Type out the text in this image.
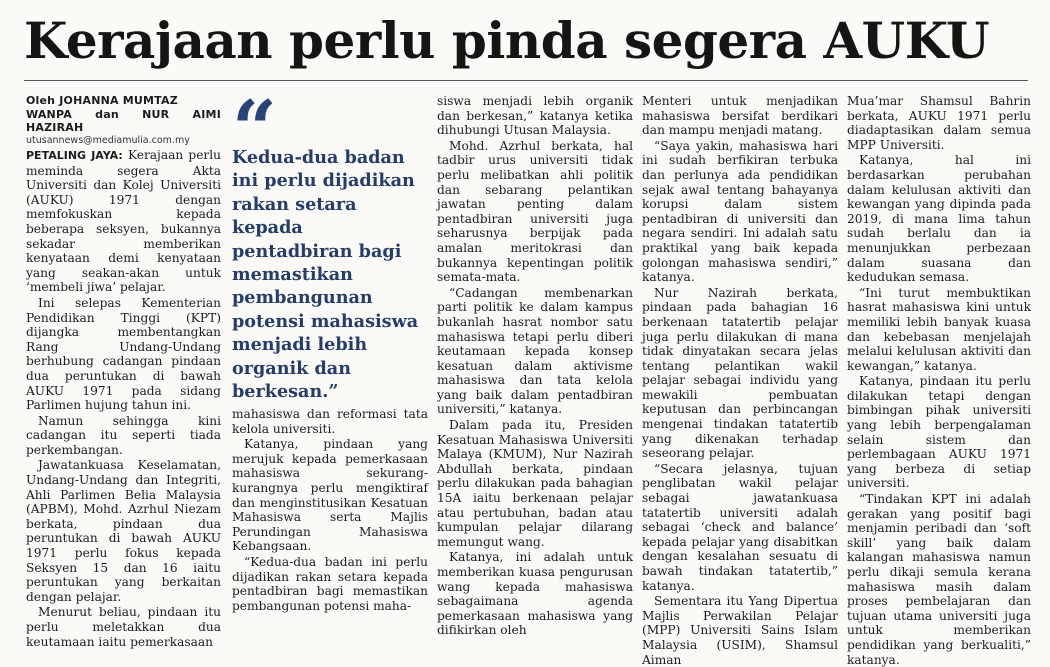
Kerajaan perlu pinda segera AUKU

Oleh JOHANNA MUMTAZ

WANPA dan NUR AIMI HAZIRAH

utusannews@mediamulia.com.my

PETALING JAYA: Kerajaan perlu meminda segera Akta Universiti dan Kolej Universiti (AUKU) 1971 dengan memfokuskan kepada beberapa seksyen, bukannya sekadar memberikan kenyataan demi kenyataan yang seakan-akan untuk ‘membeli jiwa’ pelajar.

Ini selepas Kementerian Pendidikan Tinggi (KPT) dijangka membentangkan Rang Undang-Undang berhubung cadangan pindaan dua peruntukan di bawah AUKU 1971 pada sidang Parlimen hujung tahun ini.

Namun sehingga kini cadangan itu seperti tiada perkembangan.

Jawatankuasa Keselamatan, Undang-Undang dan Integriti, Ahli Parlimen Belia Malaysia (APBM), Mohd. Azrhul Niezam berkata, pindaan dua peruntukan di bawah AUKU 1971 perlu fokus kepada Seksyen 15 dan 16 iaitu peruntukan yang berkaitan dengan pelajar.

Menurut beliau, pindaan itu perlu meletakkan dua keutamaan iaitu pemerkasaan

“
Kedua-dua badan ini perlu dijadikan rakan setara kepada pentadbiran bagi memastikan pembangunan potensi mahasiswa menjadi lebih organik dan berkesan.”

mahasiswa dan reformasi tata kelola universiti.

Katanya, pindaan yang merujuk kepada pemerkasaan mahasiswa sekurang-kurangnya perlu mengiktiraf dan menginstitusikan Kesatuan Mahasiswa serta Majlis Perundingan Mahasiswa Kebangsaan.

“Kedua-dua badan ini perlu dijadikan rakan setara kepada pentadbiran bagi memastikan pembangunan potensi maha-

siswa menjadi lebih organik dan berkesan,” katanya ketika dihubungi Utusan Malaysia.

Mohd. Azrhul berkata, hal tadbir urus universiti tidak perlu melibatkan ahli politik dan sebarang pelantikan jawatan penting dalam pentadbiran universiti juga seharusnya berpijak pada amalan meritokrasi dan bukannya kepentingan politik semata-mata.

“Cadangan membenarkan parti politik ke dalam kampus bukanlah hasrat nombor satu mahasiswa tetapi perlu diberi keutamaan kepada konsep kesatuan dalam aktivisme mahasiswa dan tata kelola yang baik dalam pentadbiran universiti,” katanya.

Dalam pada itu, Presiden Kesatuan Mahasiswa Universiti Malaya (KMUM), Nur Nazirah Abdullah berkata, pindaan perlu dilakukan pada bahagian 15A iaitu berkenaan pelajar atau pertubuhan, badan atau kumpulan pelajar dilarang memungut wang.

Katanya, ini adalah untuk memberikan kuasa pengurusan wang kepada mahasiswa sebagaimana agenda pemerkasaan mahasiswa yang difikirkan oleh

Menteri untuk menjadikan mahasiswa bersifat berdikari dan mampu menjadi matang.

“Saya yakin, mahasiswa hari ini sudah berfikiran terbuka dan perlunya ada pendidikan sejak awal tentang bahayanya korupsi dalam sistem pentadbiran di universiti dan negara sendiri. Ini adalah satu praktikal yang baik kepada golongan mahasiswa sendiri,” katanya.

Nur Nazirah berkata, pindaan pada bahagian 16 berkenaan tatatertib pelajar juga perlu dilakukan di mana tidak dinyatakan secara jelas tentang pelantikan wakil pelajar sebagai individu yang mewakili pembuatan keputusan dan perbincangan mengenai tindakan tatatertib yang dikenakan terhadap seseorang pelajar.

“Secara jelasnya, tujuan penglibatan wakil pelajar sebagai jawatankuasa tatatertib universiti adalah sebagai ‘check and balance’ kepada pelajar yang disabitkan dengan kesalahan sesuatu di bawah tindakan tatatertib,” katanya.

Sementara itu Yang Dipertua Majlis Perwakilan Pelajar (MPP) Universiti Sains Islam Malaysia (USIM), Shamsul Aiman

Mua’mar Shamsul Bahrin berkata, AUKU 1971 perlu diadaptasikan dalam semua MPP Universiti.

Katanya, hal ini berdasarkan perubahan dalam kelulusan aktiviti dan kewangan yang dipinda pada 2019, di mana lima tahun sudah berlalu dan ia menunjukkan perbezaan dalam suasana dan kedudukan semasa.

“Ini turut membuktikan hasrat mahasiswa kini untuk memiliki lebih banyak kuasa dan kebebasan menjelajah melalui kelulusan aktiviti dan kewangan,” katanya.

Katanya, pindaan itu perlu dilakukan tetapi dengan bimbingan pihak universiti yang lebih berpengalaman selain sistem dan perlembagaan AUKU 1971 yang berbeza di setiap universiti.

“Tindakan KPT ini adalah gerakan yang positif bagi menjamin peribadi dan ‘soft skill’ yang baik dalam kalangan mahasiswa namun perlu dikaji semula kerana mahasiswa masih dalam proses pembelajaran dan tujuan utama universiti juga untuk memberikan pendidikan yang berkualiti,” katanya.
